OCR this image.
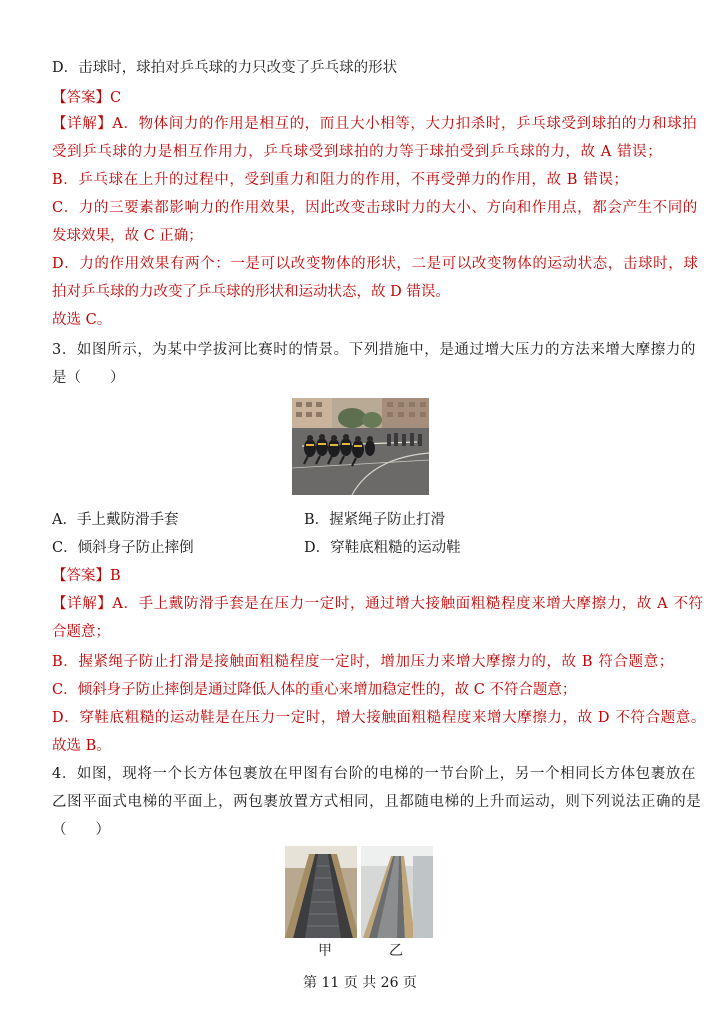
D．击球时，球拍对乒乓球的力只改变了乒乓球的形状
【答案】C
【详解】A．物体间力的作用是相互的，而且大小相等，大力扣杀时，乒乓球受到球拍的力和球拍
受到乒乓球的力是相互作用力，乒乓球受到球拍的力等于球拍受到乒乓球的力，故 A 错误；
B．乒乓球在上升的过程中，受到重力和阻力的作用，不再受弹力的作用，故 B 错误；
C．力的三要素都影响力的作用效果，因此改变击球时力的大小、方向和作用点，都会产生不同的
发球效果，故 C 正确；
D．力的作用效果有两个：一是可以改变物体的形状，二是可以改变物体的运动状态，击球时，球
拍对乒乓球的力改变了乒乓球的形状和运动状态，故 D 错误。
故选 C。
3．如图所示，为某中学拔河比赛时的情景。下列措施中，是通过增大压力的方法来增大摩擦力的
是（　　）
A．手上戴防滑手套	B．握紧绳子防止打滑
C．倾斜身子防止摔倒	D．穿鞋底粗糙的运动鞋
【答案】B
【详解】A．手上戴防滑手套是在压力一定时，通过增大接触面粗糙程度来增大摩擦力，故 A 不符
合题意；
B．握紧绳子防止打滑是接触面粗糙程度一定时，增加压力来增大摩擦力的，故 B 符合题意；
C．倾斜身子防止摔倒是通过降低人体的重心来增加稳定性的，故 C 不符合题意；
D．穿鞋底粗糙的运动鞋是在压力一定时，增大接触面粗糙程度来增大摩擦力，故 D 不符合题意。
故选 B。
4．如图，现将一个长方体包裹放在甲图有台阶的电梯的一节台阶上，另一个相同长方体包裹放在
乙图平面式电梯的平面上，两包裹放置方式相同，且都随电梯的上升而运动，则下列说法正确的是
（　　）
甲	乙
第 11 页 共 26 页
